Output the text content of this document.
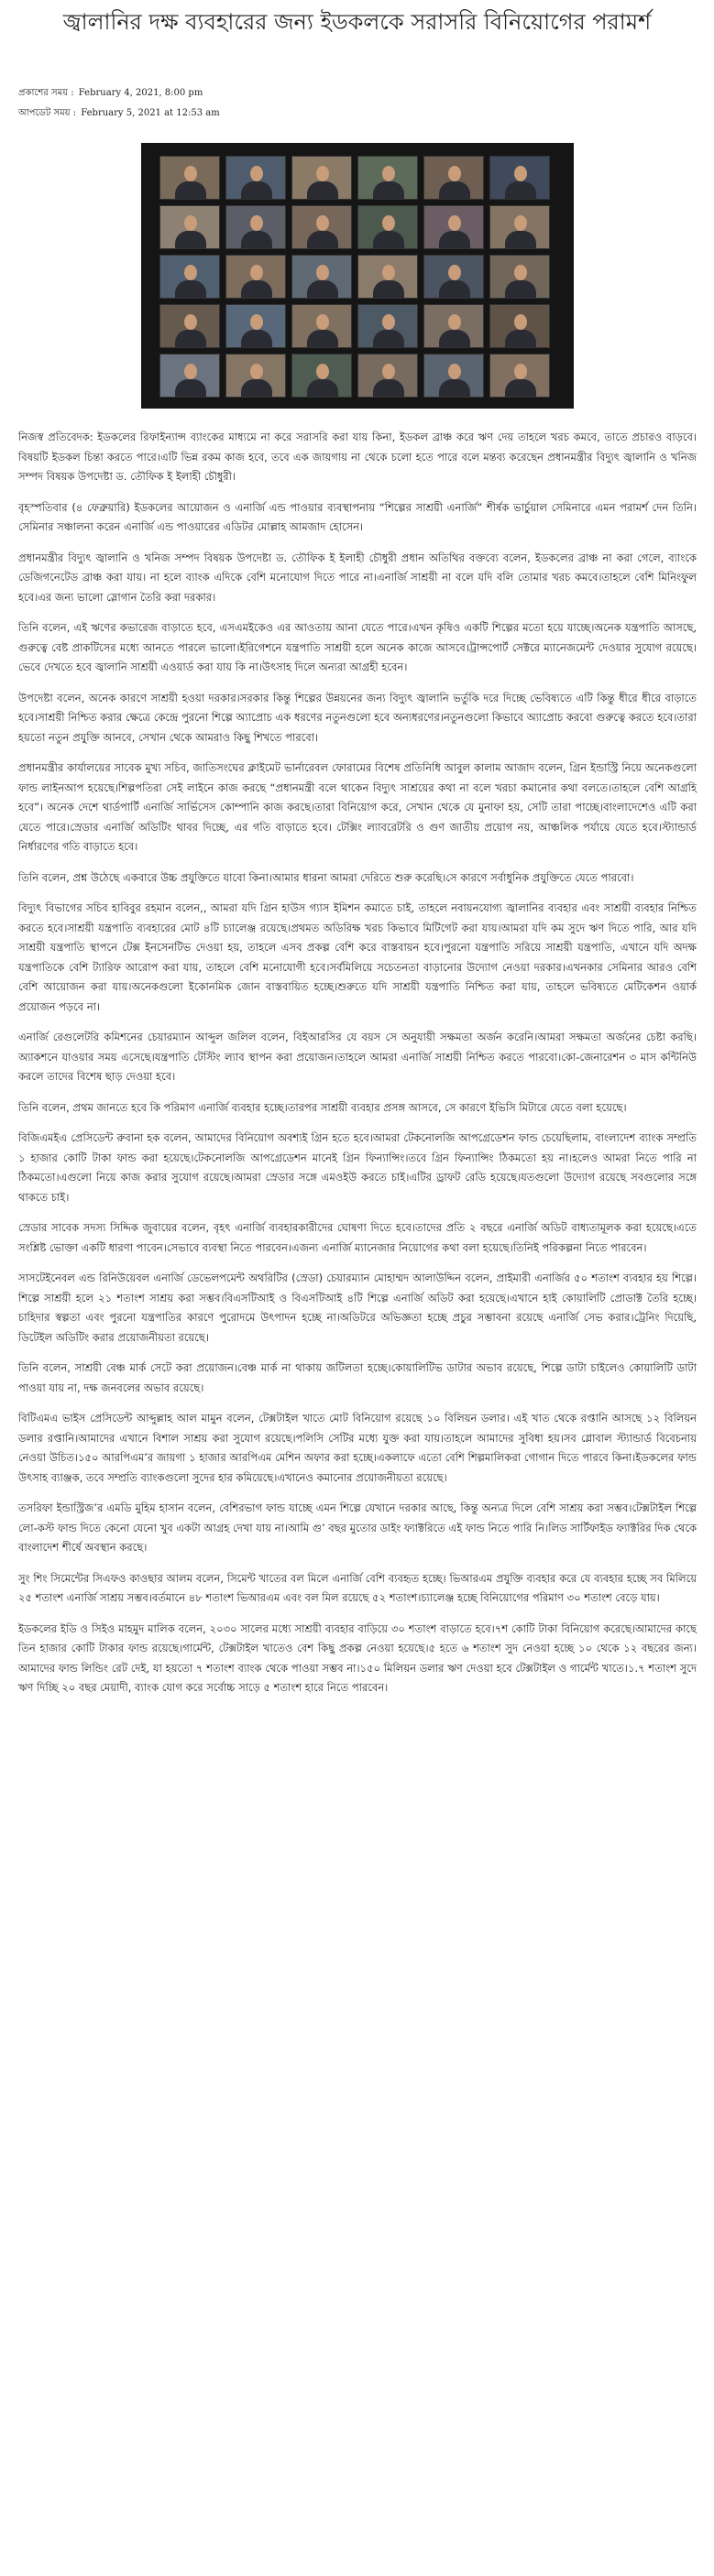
জ্বালানির দক্ষ ব্যবহারের জন্য ইডকলকে সরাসরি বিনিয়োগের পরামর্শ
প্রকাশের সময় : February 4, 2021, 8:00 pm
আপডেট সময় : February 5, 2021 at 12:53 am

নিজস্ব প্রতিবেদক: ইডকলের রিফাইন্যান্স ব্যাংকের মাধ্যমে না করে সরাসরি করা যায় কিনা, ইডকল ব্রাঞ্চ করে ঋণ দেয় তাহলে খরচ কমবে, তাতে প্রচারও বাড়বে।বিষয়টি ইডকল চিন্তা করতে পারে।এটি ভিন্ন রকম কাজ হবে, তবে এক জায়গায় না থেকে চলো হতে পারে বলে মন্তব্য করেছেন প্রধানমন্ত্রীর বিদ্যুৎ জ্বালানি ও খনিজ সম্পদ বিষয়ক উপদেষ্টা ড. তৌফিক ই ইলাহী চৌধুরী।

বৃহস্পতিবার (৪ ফেব্রুয়ারি) ইডকলের আয়োজন ও এনার্জি এন্ড পাওয়ার ব্যবস্থাপনায় “শিল্পের সাশ্রয়ী এনার্জি” শীর্ষক ভার্চুয়াল সেমিনারে এমন পরামর্শ দেন তিনি।সেমিনার সঞ্চালনা করেন এনার্জি এন্ড পাওয়ারের এডিটর মোল্লাহ আমজাদ হোসেন।

প্রধানমন্ত্রীর বিদ্যুৎ জ্বালানি ও খনিজ সম্পদ বিষয়ক উপদেষ্টা ড. তৌফিক ই ইলাহী চৌধুরী প্রধান অতিথির বক্তব্যে বলেন, ইডকলের ব্রাঞ্চ না করা গেলে, ব্যাংকে ডেজিগনেটেড ব্রাঞ্চ করা যায়। না হলে ব্যাংক এদিকে বেশি মনোযোগ দিতে পারে না।এনার্জি সাশ্রয়ী না বলে যদি বলি তোমার খরচ কমবে।তাহলে বেশি মিনিংফুল হবে।এর জন্য ভালো স্লোগান তৈরি করা দরকার।

তিনি বলেন, এই ঋণের কভারেজ বাড়াতে হবে, এসএমইকেও এর আওতায় আনা যেতে পারে।এখন কৃষিও একটি শিল্পের মতো হয়ে যাচ্ছে।অনেক যন্ত্রপাতি আসছে, গুরুত্বে বেষ্ট প্রাকটিসের মধ্যে আনতে পারলে ভালো।ইরিগেশনে যন্ত্রপাতি সাশ্রয়ী হলে অনেক কাজে আসবে।ট্রান্সপোর্ট সেক্টরে ম্যানেজমেন্ট দেওয়ার সুযোগ রয়েছে।ভেবে দেখতে হবে জ্বালানি সাশ্রয়ী এওয়ার্ড করা যায় কি না।উৎসাহ দিলে অন্যরা আগ্রহী হবেন।

উপদেষ্টা বলেন, অনেক কারণে সাশ্রয়ী হওয়া দরকার।সরকার কিন্তু শিল্পের উন্নয়নের জন্য বিদ্যুৎ জ্বালানি ভর্তুকি দরে দিচ্ছে ভেবিষ্যতে এটি কিন্তু ধীরে ধীরে বাড়াতে হবে।সাশ্রয়ী নিশ্চিত করার ক্ষেত্রে কেন্দ্রে পুরনো শিল্পে অ্যাপ্রোচ এক ধরণের নতুনগুলো হবে অন্যধরণের।নতুনগুলো কিভাবে অ্যাপ্রোচ করবো গুরুত্বে করতে হবে।তারা হয়তো নতুন প্রযুক্তি আনবে, সেখান থেকে আমরাও কিছু শিখতে পারবো।

প্রধানমন্ত্রীর কার্যালয়ের সাবেক মুখ্য সচিব, জাতিসংঘের ক্লাইমেট ভার্নারেবল ফোরামের বিশেষ প্রতিনিধি আবুল কালাম আজাদ বলেন, গ্রিন ইন্ডাস্ট্রি নিয়ে অনেকগুলো ফান্ড লাইনআপ হয়েছে।শিল্পপতিরা সেই লাইনে কাজ করছে “প্রধানমন্ত্রী বলে থাকেন বিদ্যুৎ সাশ্রয়ের কথা না বলে খরচা কমানোর কথা বলতে।তাহলে বেশি আগ্রহি হবে”। অনেক দেশে থার্ডপার্টি এনার্জি সার্ভিসেস কোম্পানি কাজ করছে।তারা বিনিয়োগ করে, সেখান থেকে যে মুনাফা হয়, সেটি তারা পাচ্ছে।বাংলাদেশেও এটি করা যেতে পারে।স্রেডার এনার্জি অডিটিং থাবর দিচ্ছে, এর গতি বাড়াতে হবে। টেক্সিং ল্যাবরেটরি ও গুণ জাতীয় প্রয়োগ নয়, আঞ্চলিক পর্যায়ে যেতে হবে।স্ট্যান্ডার্ড নির্ধারণের গতি বাড়াতে হবে।

তিনি বলেন, প্রশ্ন উঠেছে একবারে উচ্চ প্রযুক্তিতে যাবো কিনা।আমার ধারনা আমরা দেরিতে শুরু করেছি।সে কারণে সর্বাধুনিক প্রযুক্তিতে যেতে পারবো।

বিদ্যুৎ বিভাগের সচিব হাবিবুর রহমান বলেন,, আমরা যদি গ্রিন হাউস গ্যাস ইমিশন কমাতে চাই, তাহলে নবায়নযোগ্য জ্বালানির ব্যবহার এবং সাশ্রয়ী ব্যবহার নিশ্চিত করতে হবে।সাশ্রয়ী যন্ত্রপাতি ব্যবহারের মোট ৪টি চ্যালেঞ্জ রয়েছে।প্রথমত অডিরিক্ষ খরচ কিভাবে মিটিগেট করা যায়।আমরা যদি কম সুদে ঋণ দিতে পারি, আর যদি সাশ্রয়ী যন্ত্রপাতি স্থাপনে টেক্স ইনসেনটিভ দেওয়া হয়, তাহলে এসব প্রকল্প বেশি করে বাস্তবায়ন হবে।পুরনো যন্ত্রপাতি সরিয়ে সাশ্রয়ী যন্ত্রপাতি, এখানে যদি অদক্ষ যন্ত্রপাতিকে বেশি ট্যারিফ আরোপ করা যায়, তাহলে বেশি মনোযোগী হবে।সর্বমিলিয়ে সচেতনতা বাড়ানোর উদ্যোগ নেওয়া দরকার।এখনকার সেমিনার আরও বেশি বেশি আয়োজন করা যায়।অনেকগুলো ইকোনমিক জোন বাস্তবায়িত হচ্ছে।শুরুতে যদি সাশ্রয়ী যন্ত্রপাতি নিশ্চিত করা যায়, তাহলে ভবিষ্যতে মেটিকেশন ওয়ার্ক প্রয়োজন পড়বে না।

এনার্জি রেগুলেটরি কমিশনের চেয়ারম্যান আব্দুল জলিল বলেন, বিইআরসির যে বয়স সে অনুযায়ী সক্ষমতা অর্জন করেনি।আমরা সক্ষমতা অর্জনের চেষ্টা করছি।অ্যাকশনে যাওয়ার সময় এসেছে।যন্ত্রপাতি টেস্টিং ল্যাব স্থাপন করা প্রয়োজন।তাহলে আমরা এনার্জি সাশ্রয়ী নিশ্চিত করতে পারবো।কো-জেনারেশন ৩ মাস কন্টিনিউ করলে তাদের বিশেষ ছাড় দেওয়া হবে।

তিনি বলেন, প্রথম জানতে হবে কি পরিমাণ এনার্জি ব্যবহার হচ্ছে।তারপর সাশ্রয়ী ব্যবহার প্রসঙ্গ আসবে, সে কারণে ইভিসি মিটারে যেতে বলা হয়েছে।

বিজিএমইএ প্রেসিডেন্ট রুবানা হক বলেন, আমাদের বিনিয়োগ অবশ্যই গ্রিন হতে হবে।আমরা টেকনোলজি আপগ্রেডেশন ফান্ড চেয়েছিলাম, বাংলাদেশ ব্যাংক সম্প্রতি ১ হাজার কোটি টাকা ফান্ড করা হয়েছে।টেকনোলজি আপগ্রেডেশন মানেই গ্রিন ফিন্যান্সিং।তবে গ্রিন ফিন্যান্সিং ঠিকমতো হয় না।হলেও আমরা নিতে পারি না ঠিকমতো।এগুলো নিয়ে কাজ করার সুযোগ রয়েছে।আমরা স্রেডার সঙ্গে এমওইউ করতে চাই।এটির ড্রাফট রেডি হয়েছে।যতগুলো উদ্যোগ রয়েছে সবগুলোর সঙ্গে থাকতে চাই।

স্রেডার সাবেক সদস্য সিদ্দিক জুবায়ের বলেন, বৃহৎ এনার্জি ব্যবহারকারীদের ঘোষণা দিতে হবে।তাদের প্রতি ২ বছরে এনার্জি অডিট বাধ্যতামূলক করা হয়েছে।এতে সংশ্লিষ্ট ভোক্তা একটি ধারণা পাবেন।সেভাবে ব্যবস্থা নিতে পারবেন।এজন্য এনার্জি ম্যানেজার নিয়োগের কথা বলা হয়েছে।তিনিই পরিকল্পনা নিতে পারবেন।

সাসটেইনেবল এন্ড রিনিউয়েবল এনার্জি ডেভেলপমেন্ট অথরিটির (স্রেডা) চেয়ারম্যান মোহাম্মদ আলাউদ্দিন বলেন, প্রাইমারী এনার্জির ৫০ শতাংশ ব্যবহার হয় শিল্পে।শিল্পে সাশ্রয়ী হলে ২১ শতাংশ সাশ্রয় করা সম্ভব।বিএসটিআই ও বিএসটিআই ৪টি শিল্পে এনার্জি অডিট করা হয়েছে।এখানে হাই কোয়ালিটি প্রোডাক্ট তৈরি হচ্ছে।চাহিদার স্বল্পতা এবং পুরনো যন্ত্রপাতির কারণে পুরোদমে উৎপাদন হচ্ছে না।অডিটরে অভিজ্ঞতা হচ্ছে প্রচুর সম্ভাবনা রয়েছে এনার্জি সেভ করার।ট্রেনিং দিয়েছি, ডিটেইল অডিটিং করার প্রয়োজনীয়তা রয়েছে।

তিনি বলেন, সাশ্রয়ী বেঞ্চ মার্ক সেটে করা প্রয়োজন।বেঞ্চ মার্ক না থাকায় জটিলতা হচ্ছে।কোয়ালিটিভ ডাটার অভাব রয়েছে, শিল্পে ডাটা চাইলেও কোয়ালিটি ডাটা পাওয়া যায় না, দক্ষ জনবলের অভাব রয়েছে।

বিটিএমএ ভাইস প্রেসিডেন্ট আব্দুল্লাহ আল মামুন বলেন, টেক্সটাইল খাতে মোট বিনিয়োগ রয়েছে ১০ বিলিয়ন ডলার। এই খাত থেকে রপ্তানি আসছে ১২ বিলিয়ন ডলার রপ্তানি।আমাদের এখানে বিশাল সাশ্রয় করা সুযোগ রয়েছে।পলিসি সেটির মধ্যে যুক্ত করা যায়।তাহলে আমাদের সুবিধা হয়।সব গ্লোবাল স্ট্যান্ডার্ড বিবেচনায় নেওয়া উচিত।১৫০ আরপিএম’র জায়গা ১ হাজার আরপিএম মেশিন অফার করা হচ্ছে।একলাফে এতো বেশি শিল্পমালিকরা গোগান দিতে পারবে কিনা।ইডকলের ফান্ড উৎসাহ ব্যাঞ্জক, তবে সম্প্রতি ব্যাংকগুলো সুদের হার কমিয়েছে।এখানেও কমানোর প্রয়োজনীয়তা রয়েছে।

তসরিফা ইন্ডাস্ট্রিজ’র এমডি মুহিম হাসান বলেন, বেশিরভাগ ফান্ড যাচ্ছে এমন শিল্পে যেখানে দরকার আছে, কিন্তু অন্যত্র দিলে বেশি সাশ্রয় করা সম্ভব।টেক্সটাইল শিল্পে লো-কস্ট ফান্ড দিতে কেনো যেনো খুব একটা আগ্রহ দেখা যায় না।আমি গু’ বছর মুতোর ডাইং ফ্যাক্টরিতে এই ফান্ড নিতে পারি নি।লিড সার্টিফাইড ফ্যাক্টরির দিক থেকে বাংলাদেশ শীর্ষে অবস্থান করছে।

সুং শিং সিমেন্টের সিএফও কাওছার আলম বলেন, সিমেন্ট খাতের বল মিলে এনার্জি বেশি ব্যবহৃত হচ্ছে। ভিআরএম প্রযুক্তি ব্যবহার করে যে ব্যবহার হচ্ছে সব মিলিয়ে ২৫ শতাংশ এনার্জি সাশ্রয় সম্ভব।বর্তমানে ৪৮ শতাংশ ভিআরএম এবং বল মিল রয়েছে ৫২ শতাংশ।চ্যালেঞ্জ হচ্ছে বিনিয়োগের পরিমাণ ৩০ শতাংশ বেড়ে যায়।

ইডকলের ইডি ও সিইও মাহমুদ মালিক বলেন, ২০৩০ সালের মধ্যে সাশ্রয়ী ব্যবহার বাড়িয়ে ৩০ শতাংশ বাড়াতে হবে।৭শ কোটি টাকা বিনিয়োগ করেছে।আমাদের কাছে তিন হাজার কোটি টাকার ফান্ড রয়েছে।গার্মেন্ট, টেক্সটাইল খাতেও বেশ কিছু প্রকল্প নেওয়া হয়েছে।৫ হতে ৬ শতাংশ সুদ নেওয়া হচ্ছে ১০ থেকে ১২ বছরের জন্য।আমাদের ফান্ড লিন্ডিং রেট দেই, যা হয়তো ৭ শতাংশ ব্যাংক থেকে পাওয়া সম্ভব না।১৫০ মিলিয়ন ডলার ঋণ দেওয়া হবে টেক্সটাইল ও গার্মেন্ট খাতে।১.৭ শতাংশ সুদে ঋণ দিচ্ছি ২০ বছর মেয়াদী, ব্যাংক যোগ করে সর্বোচ্চ সাড়ে ৫ শতাংশ হারে নিতে পারবেন।
